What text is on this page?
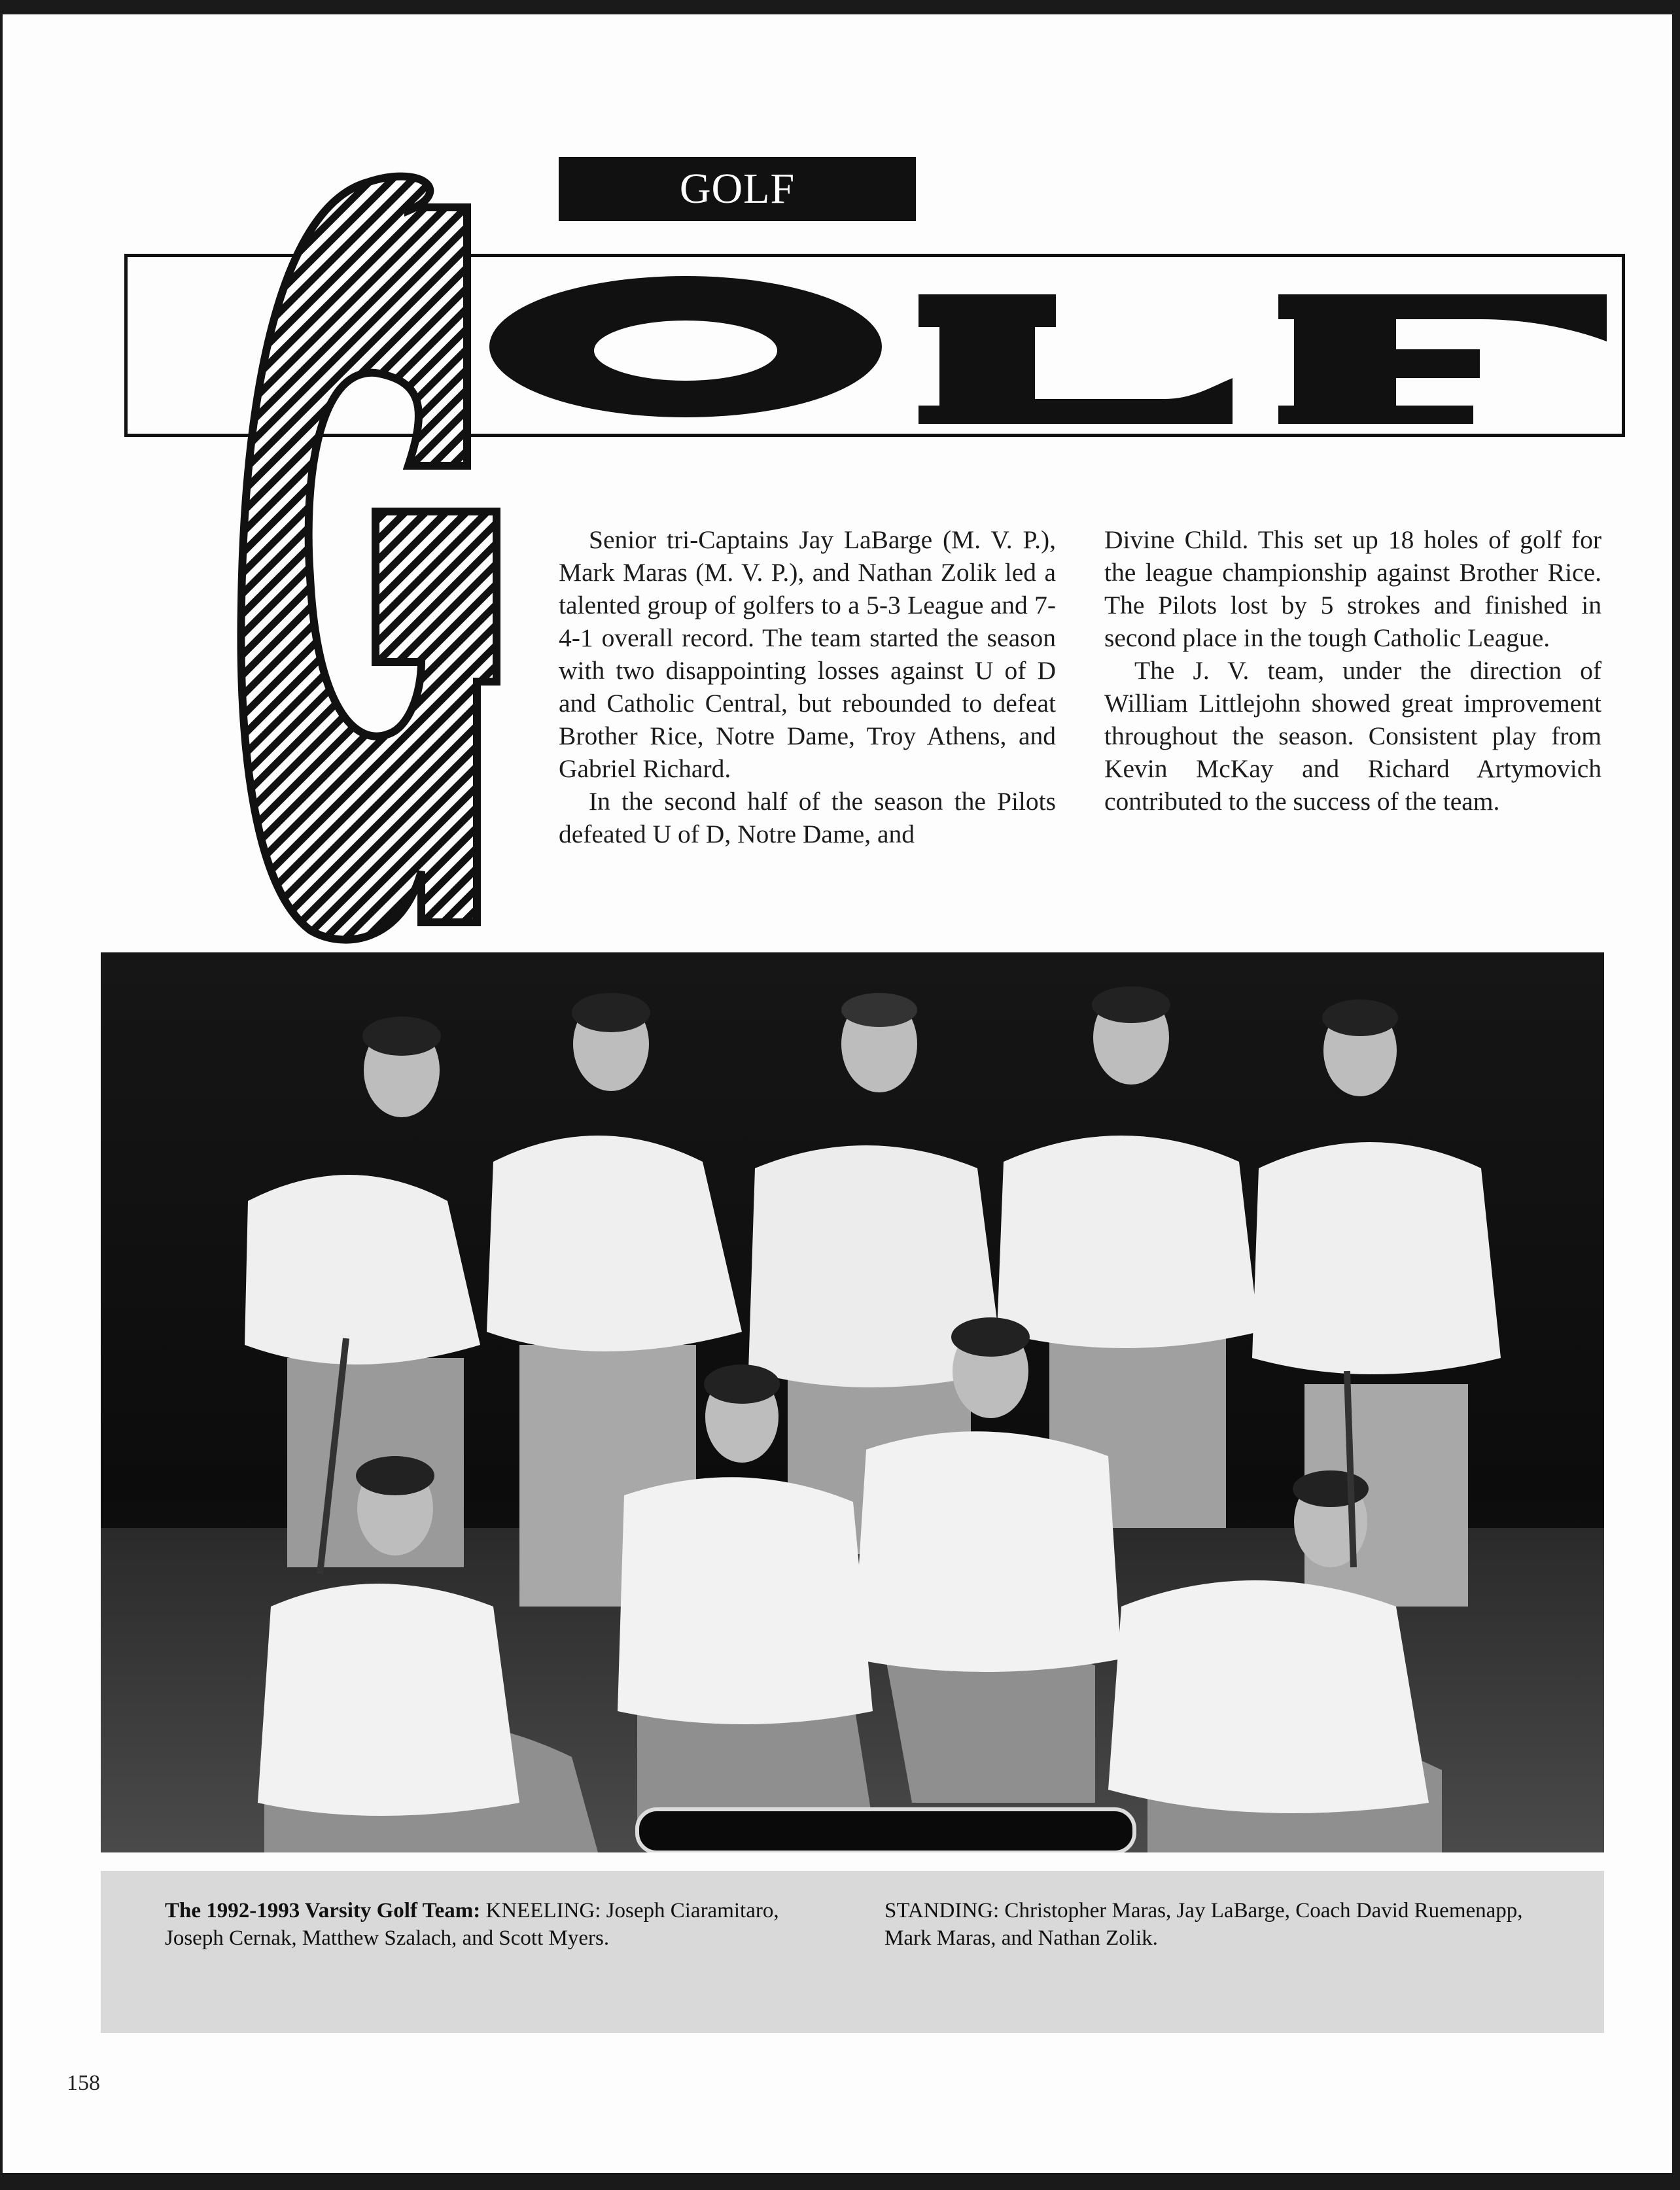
GOLF

Senior tri-Captains Jay LaBarge (M. V. P.), Mark Maras (M. V. P.), and Nathan Zolik led a talented group of golfers to a 5-3 League and 7-4-1 overall record. The team started the season with two disappointing losses against U of D and Catholic Central, but rebounded to defeat Brother Rice, Notre Dame, Troy Athens, and Gabriel Richard.

In the second half of the season the Pilots defeated U of D, Notre Dame, and

Divine Child. This set up 18 holes of golf for the league championship against Brother Rice. The Pilots lost by 5 strokes and finished in second place in the tough Catholic League.

The J. V. team, under the direction of William Littlejohn showed great improvement throughout the season. Consistent play from Kevin McKay and Richard Artymovich contributed to the success of the team.

The 1992-1993 Varsity Golf Team: KNEELING: Joseph Ciaramitaro, Joseph Cernak, Matthew Szalach, and Scott Myers.
STANDING: Christopher Maras, Jay LaBarge, Coach David Ruemenapp, Mark Maras, and Nathan Zolik.
158
